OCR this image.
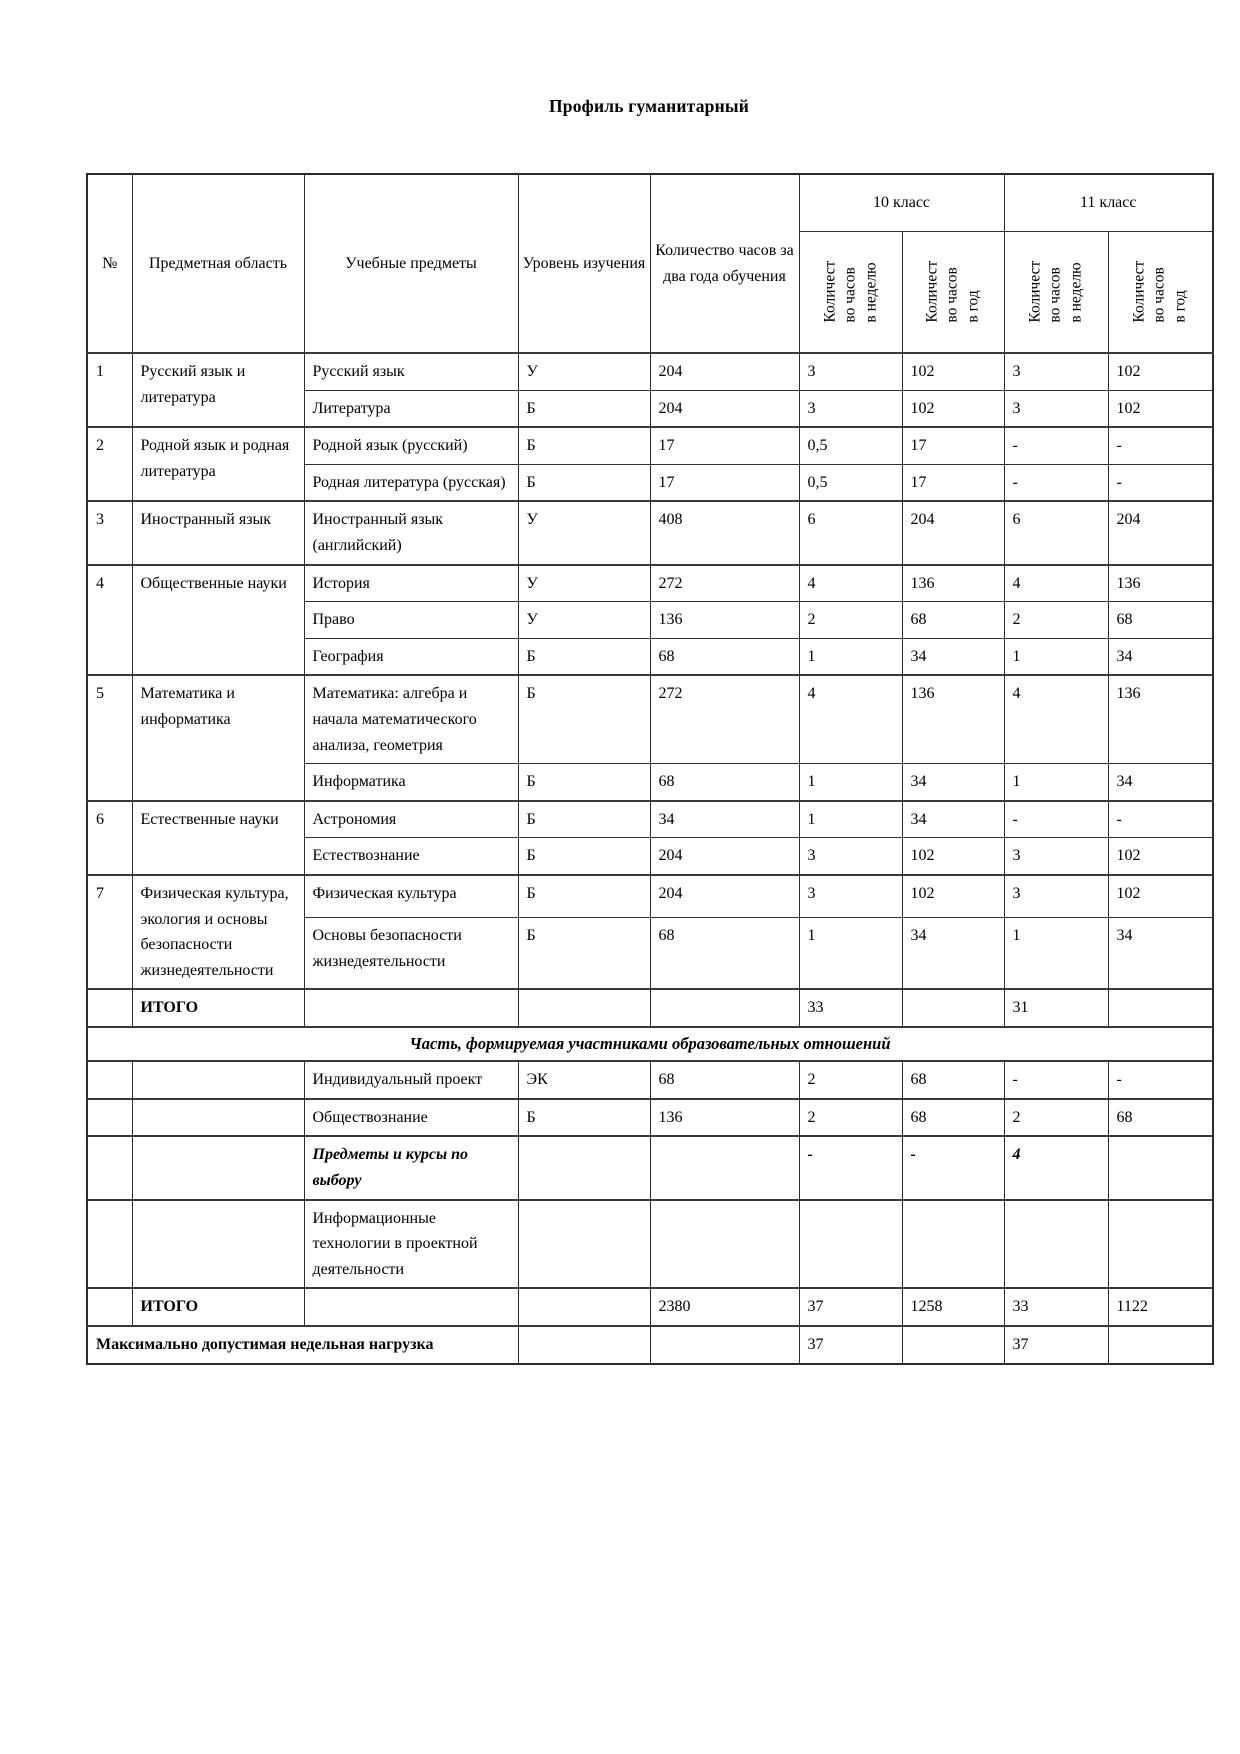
Профиль гуманитарный
№	Предметная область	Учебные предметы	Уровень изучения	Количество часов за два года обучения	10 класс		11 класс	

					Количест во часов в неделю	Количест во часов в год	Количест во часов в неделю	Количест во часов в год

1	Русский язык и литература	Русский язык	У	204	3	102	3	102
		Литература	Б	204	3	102	3	102
2	Родной язык и родная литература	Родной язык (русский)	Б	17	0,5	17	-	-
		Родная литература (русская)	Б	17	0,5	17	-	-
3	Иностранный язык	Иностранный язык (английский)	У	408	6	204	6	204
4	Общественные науки	История	У	272	4	136	4	136
		Право	У	136	2	68	2	68
		География	Б	68	1	34	1	34
5	Математика и информатика	Математика: алгебра и начала математического анализа, геометрия	Б	272	4	136	4	136
		Информатика	Б	68	1	34	1	34
6	Естественные науки	Астрономия	Б	34	1	34	-	-
		Естествознание	Б	204	3	102	3	102
7	Физическая культура, экология и основы безопасности жизнедеятельности	Физическая культура	Б	204	3	102	3	102
		Основы безопасности жизнедеятельности	Б	68	1	34	1	34
	ИТОГО				33		31	
Часть, формируемая участниками образовательных отношений								
		Индивидуальный проект	ЭК	68	2	68	-	-
		Обществознание	Б	136	2	68	2	68
		Предметы и курсы по выбору			-	-	4	
		Информационные технологии в проектной деятельности						
	ИТОГО			2380	37	1258	33	1122
Максимально допустимая недельная нагрузка					37		37	
